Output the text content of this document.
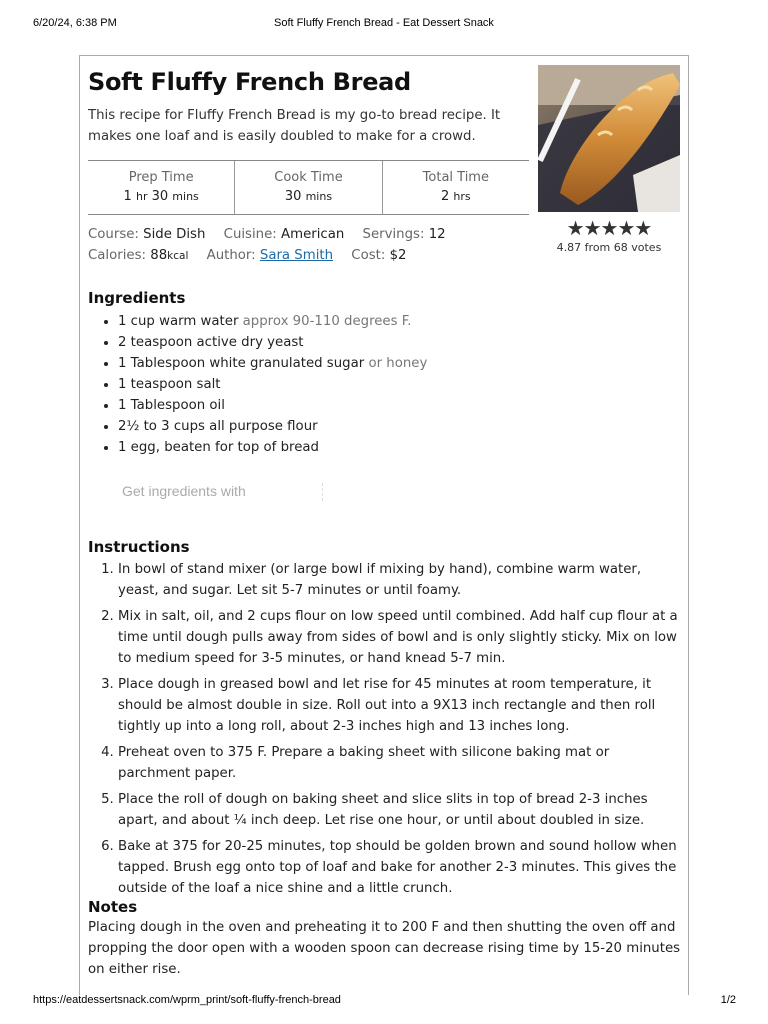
6/20/24, 6:38 PM	Soft Fluffy French Bread - Eat Dessert Snack
Soft Fluffy French Bread
This recipe for Fluffy French Bread is my go-to bread recipe. It makes one loaf and is easily doubled to make for a crowd.
★★★★★
4.87 from 68 votes
Prep Time
1 hr 30 mins
Cook Time
30 mins
Total Time
2 hrs
Course: Side Dish Cuisine: American Servings: 12
Calories: 88kcal Author: Sara Smith Cost: $2
Ingredients
• 1 cup warm water approx 90-110 degrees F.
• 2 teaspoon active dry yeast
• 1 Tablespoon white granulated sugar or honey
• 1 teaspoon salt
• 1 Tablespoon oil
• 2½ to 3 cups all purpose flour
• 1 egg, beaten for top of bread
Get ingredients with
Instructions
1. In bowl of stand mixer (or large bowl if mixing by hand), combine warm water, yeast, and sugar. Let sit 5-7 minutes or until foamy.
2. Mix in salt, oil, and 2 cups flour on low speed until combined. Add half cup flour at a time until dough pulls away from sides of bowl and is only slightly sticky. Mix on low to medium speed for 3-5 minutes, or hand knead 5-7 min.
3. Place dough in greased bowl and let rise for 45 minutes at room temperature, it should be almost double in size. Roll out into a 9X13 inch rectangle and then roll tightly up into a long roll, about 2-3 inches high and 13 inches long.
4. Preheat oven to 375 F. Prepare a baking sheet with silicone baking mat or parchment paper.
5. Place the roll of dough on baking sheet and slice slits in top of bread 2-3 inches apart, and about ¼ inch deep. Let rise one hour, or until about doubled in size.
6. Bake at 375 for 20-25 minutes, top should be golden brown and sound hollow when tapped. Brush egg onto top of loaf and bake for another 2-3 minutes. This gives the outside of the loaf a nice shine and a little crunch.
Notes
Placing dough in the oven and preheating it to 200 F and then shutting the oven off and propping the door open with a wooden spoon can decrease rising time by 15-20 minutes on either rise.
https://eatdessertsnack.com/wprm_print/soft-fluffy-french-bread	1/2
